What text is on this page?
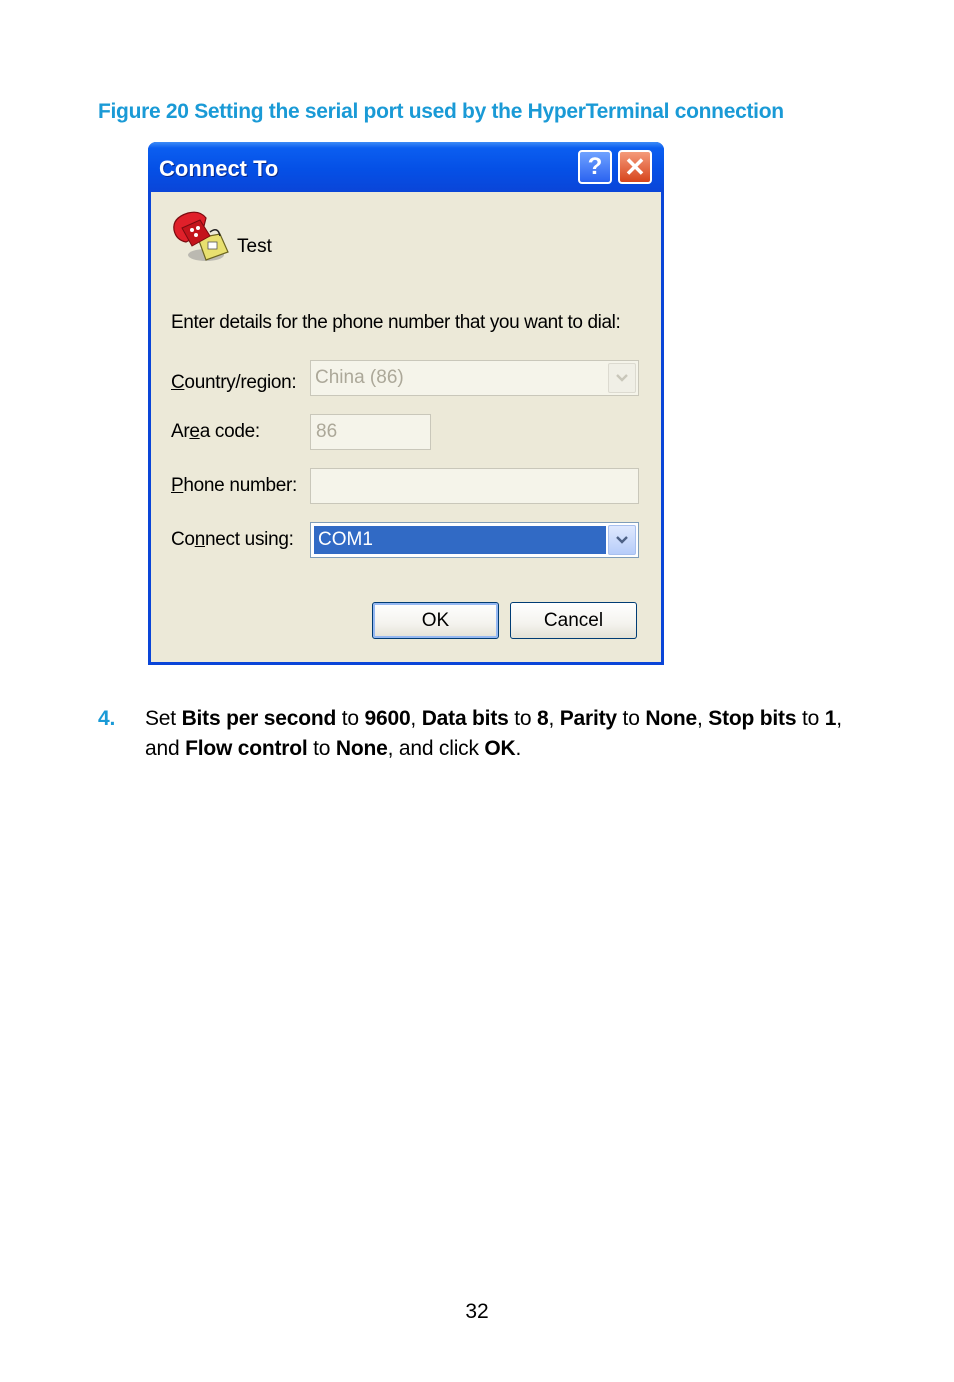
Figure 20 Setting the serial port used by the HyperTerminal connection
Connect To	? ✕
Test
Enter details for the phone number that you want to dial:
Country/region: China (86)
Area code:	86
Phone number:
Connect using: COM1
OK	Cancel
4. Set Bits per second to 9600, Data bits to 8, Parity to None, Stop bits to 1, and Flow control to None, and click OK.
32
